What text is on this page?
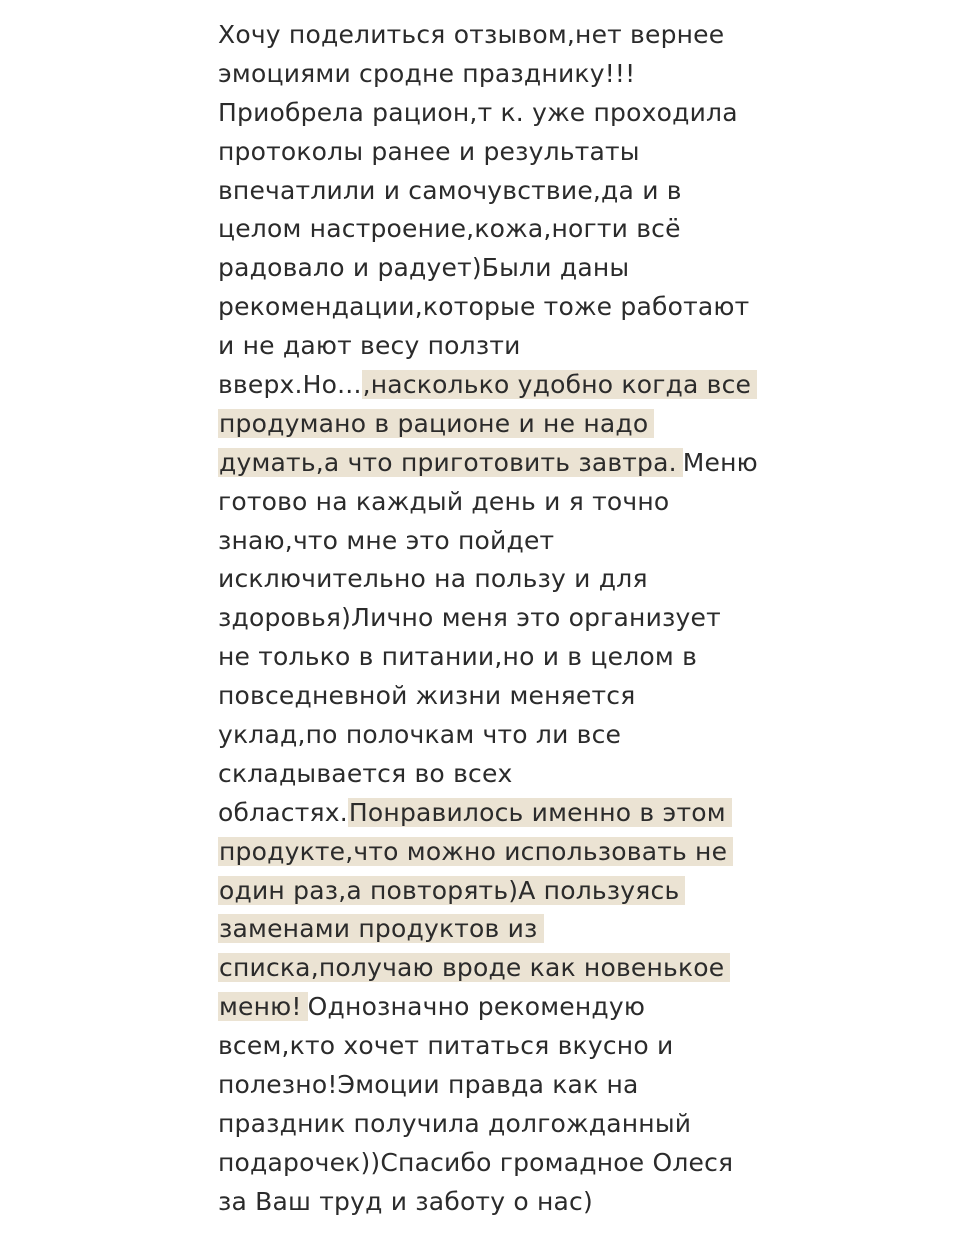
Хочу поделиться отзывом,нет вернее
эмоциями сродне празднику!!!
Приобрела рацион,т к. уже проходила
протоколы ранее и результаты
впечатлили и самочувствие,да и в
целом настроение,кожа,ногти всё
радовало и радует)Были даны
рекомендации,которые тоже работают
и не дают весу ползти
вверх.Но...,насколько удобно когда все
продумано в рационе и не надо
думать,а что приготовить завтра. Меню
готово на каждый день и я точно
знаю,что мне это пойдет
исключительно на пользу и для
здоровья)Лично меня это организует
не только в питании,но и в целом в
повседневной жизни меняется
уклад,по полочкам что ли все
складывается во всех
областях.Понравилось именно в этом
продукте,что можно использовать не
один раз,а повторять)А пользуясь
заменами продуктов из
списка,получаю вроде как новенькое
меню! Однозначно рекомендую
всем,кто хочет питаться вкусно и
полезно!Эмоции правда как на
праздник получила долгожданный
подарочек))Спасибо громадное Олеся
за Ваш труд и заботу о нас)
